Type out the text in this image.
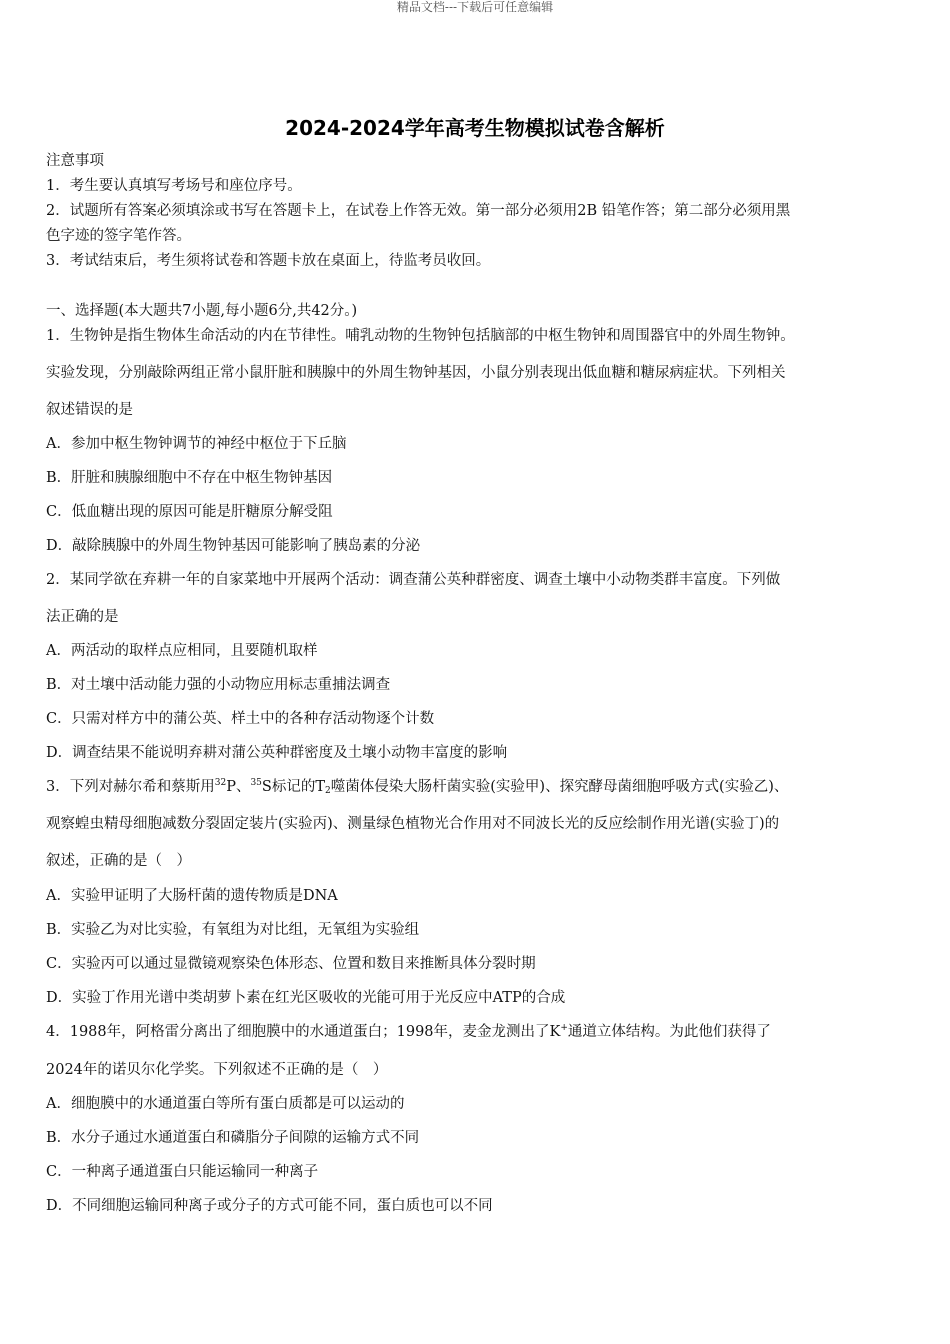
精品文档---下载后可任意编辑
2024-2024学年高考生物模拟试卷含解析
注意事项
1．考生要认真填写考场号和座位序号。
2．试题所有答案必须填涂或书写在答题卡上，在试卷上作答无效。第一部分必须用2B 铅笔作答；第二部分必须用黑
色字迹的签字笔作答。
3．考试结束后，考生须将试卷和答题卡放在桌面上，待监考员收回。
一、选择题(本大题共7小题,每小题6分,共42分。)
1．生物钟是指生物体生命活动的内在节律性。哺乳动物的生物钟包括脑部的中枢生物钟和周围器官中的外周生物钟。
实验发现，分别敲除两组正常小鼠肝脏和胰腺中的外周生物钟基因，小鼠分别表现出低血糖和糖尿病症状。下列相关
叙述错误的是
A．参加中枢生物钟调节的神经中枢位于下丘脑
B．肝脏和胰腺细胞中不存在中枢生物钟基因
C．低血糖出现的原因可能是肝糖原分解受阻
D．敲除胰腺中的外周生物钟基因可能影响了胰岛素的分泌
2．某同学欲在弃耕一年的自家菜地中开展两个活动：调查蒲公英种群密度、调查土壤中小动物类群丰富度。下列做
法正确的是
A．两活动的取样点应相同，且要随机取样
B．对土壤中活动能力强的小动物应用标志重捕法调查
C．只需对样方中的蒲公英、样土中的各种存活动物逐个计数
D．调查结果不能说明弃耕对蒲公英种群密度及土壤小动物丰富度的影响
3．下列对赫尔希和蔡斯用$^{32}$P、$^{35}$S标记的$T_2$噬菌体侵染大肠杆菌实验(实验甲)、探究酵母菌细胞呼吸方式(实验乙)、
观察蝗虫精母细胞减数分裂固定装片(实验丙)、测量绿色植物光合作用对不同波长光的反应绘制作用光谱(实验丁)的
叙述，正确的是（　）
A．实验甲证明了大肠杆菌的遗传物质是DNA
B．实验乙为对比实验，有氧组为对比组，无氧组为实验组
C．实验丙可以通过显微镜观察染色体形态、位置和数目来推断具体分裂时期
D．实验丁作用光谱中类胡萝卜素在红光区吸收的光能可用于光反应中ATP的合成
4．1988年，阿格雷分离出了细胞膜中的水通道蛋白；1998年，麦金龙测出了K+通道立体结构。为此他们获得了
2024年的诺贝尔化学奖。下列叙述不正确的是（　）
A．细胞膜中的水通道蛋白等所有蛋白质都是可以运动的
B．水分子通过水通道蛋白和磷脂分子间隙的运输方式不同
C．一种离子通道蛋白只能运输同一种离子
D．不同细胞运输同种离子或分子的方式可能不同，蛋白质也可以不同
